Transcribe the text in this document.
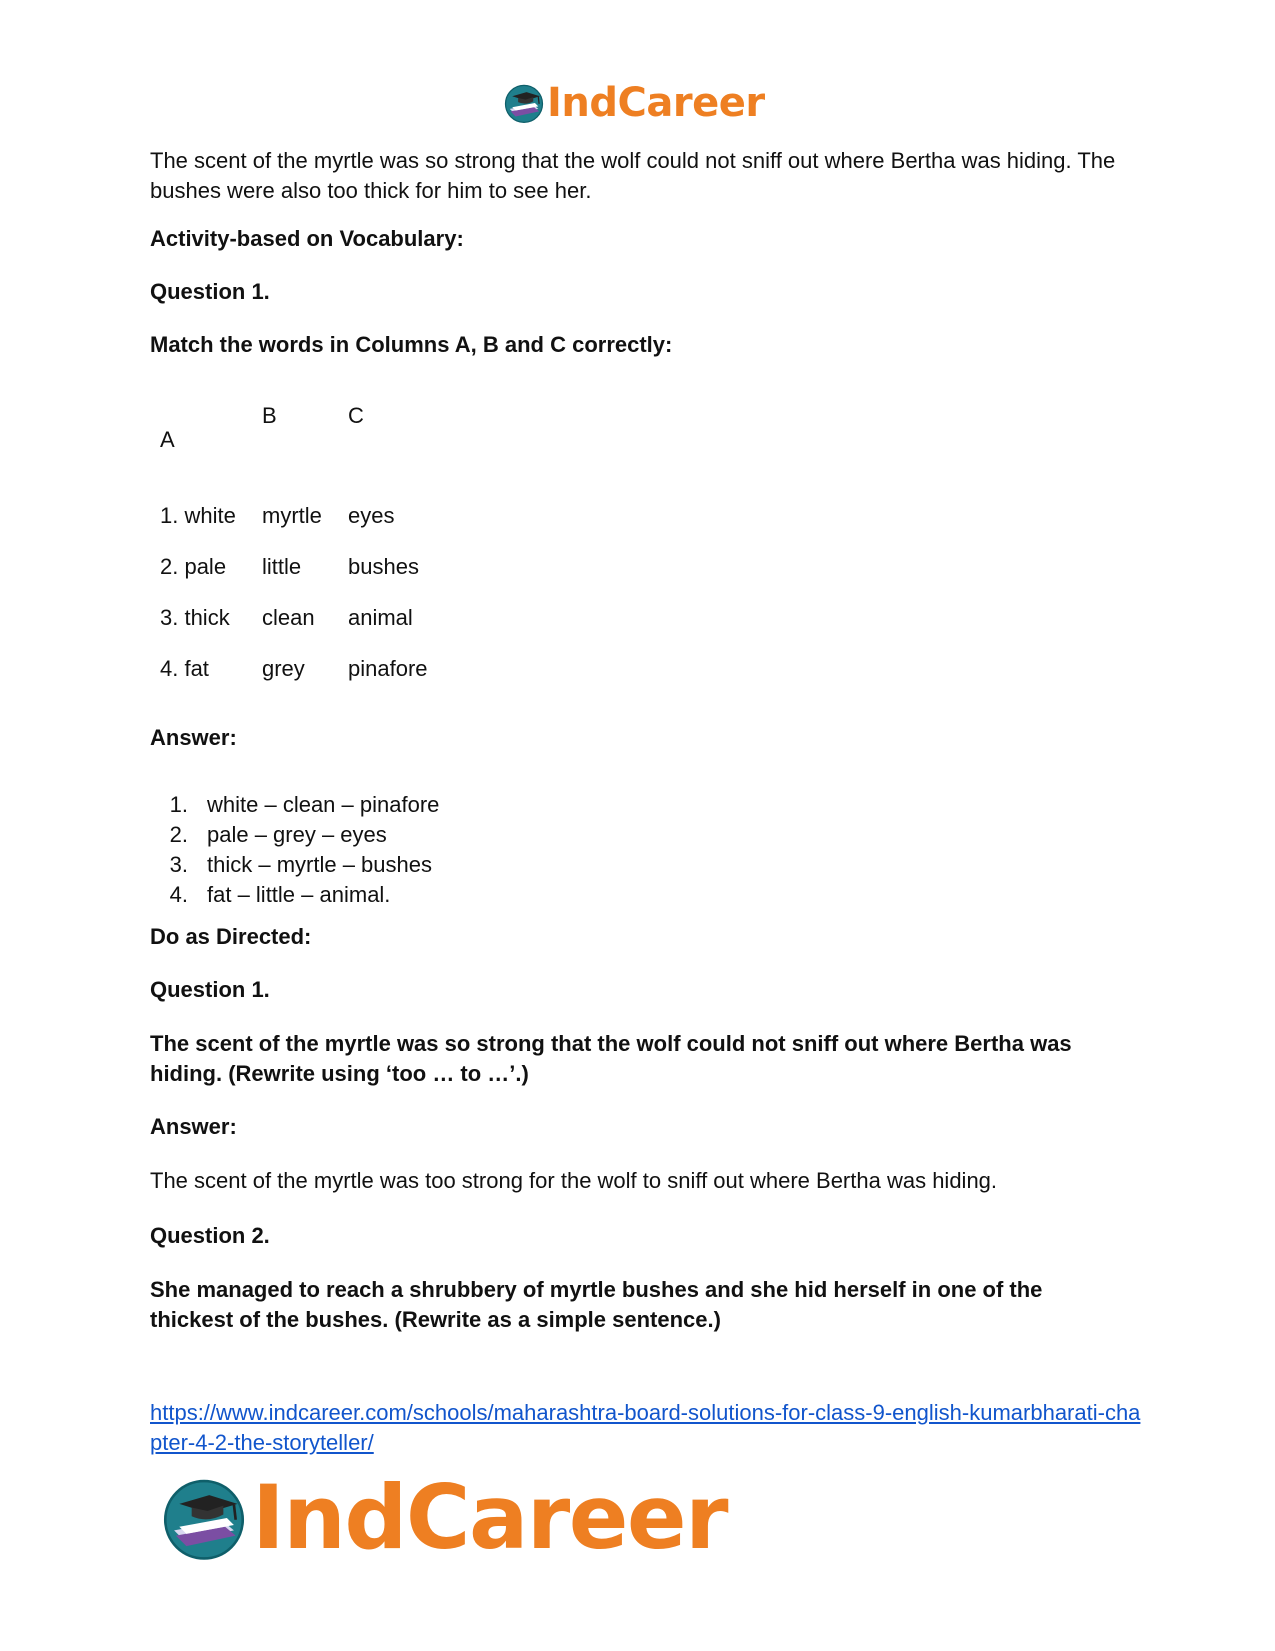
IndCareer

The scent of the myrtle was so strong that the wolf could not sniff out where Bertha was hiding. The bushes were also too thick for him to see her.

Activity-based on Vocabulary:

Question 1.

Match the words in Columns A, B and C correctly:

A
B	C
1. white myrtle eyes
2. pale little bushes
3. thick clean animal
4. fat grey pinafore

Answer:

1. white – clean – pinafore
2. pale – grey – eyes
3. thick – myrtle – bushes
4. fat – little – animal.

Do as Directed:

Question 1.

The scent of the myrtle was so strong that the wolf could not sniff out where Bertha was hiding. (Rewrite using ‘too … to …’.)

Answer:

The scent of the myrtle was too strong for the wolf to sniff out where Bertha was hiding.

Question 2.

She managed to reach a shrubbery of myrtle bushes and she hid herself in one of the thickest of the bushes. (Rewrite as a simple sentence.)

https://www.indcareer.com/schools/maharashtra-board-solutions-for-class-9-english-kumarbharati-chapter-4-2-the-storyteller/
IndCareer
